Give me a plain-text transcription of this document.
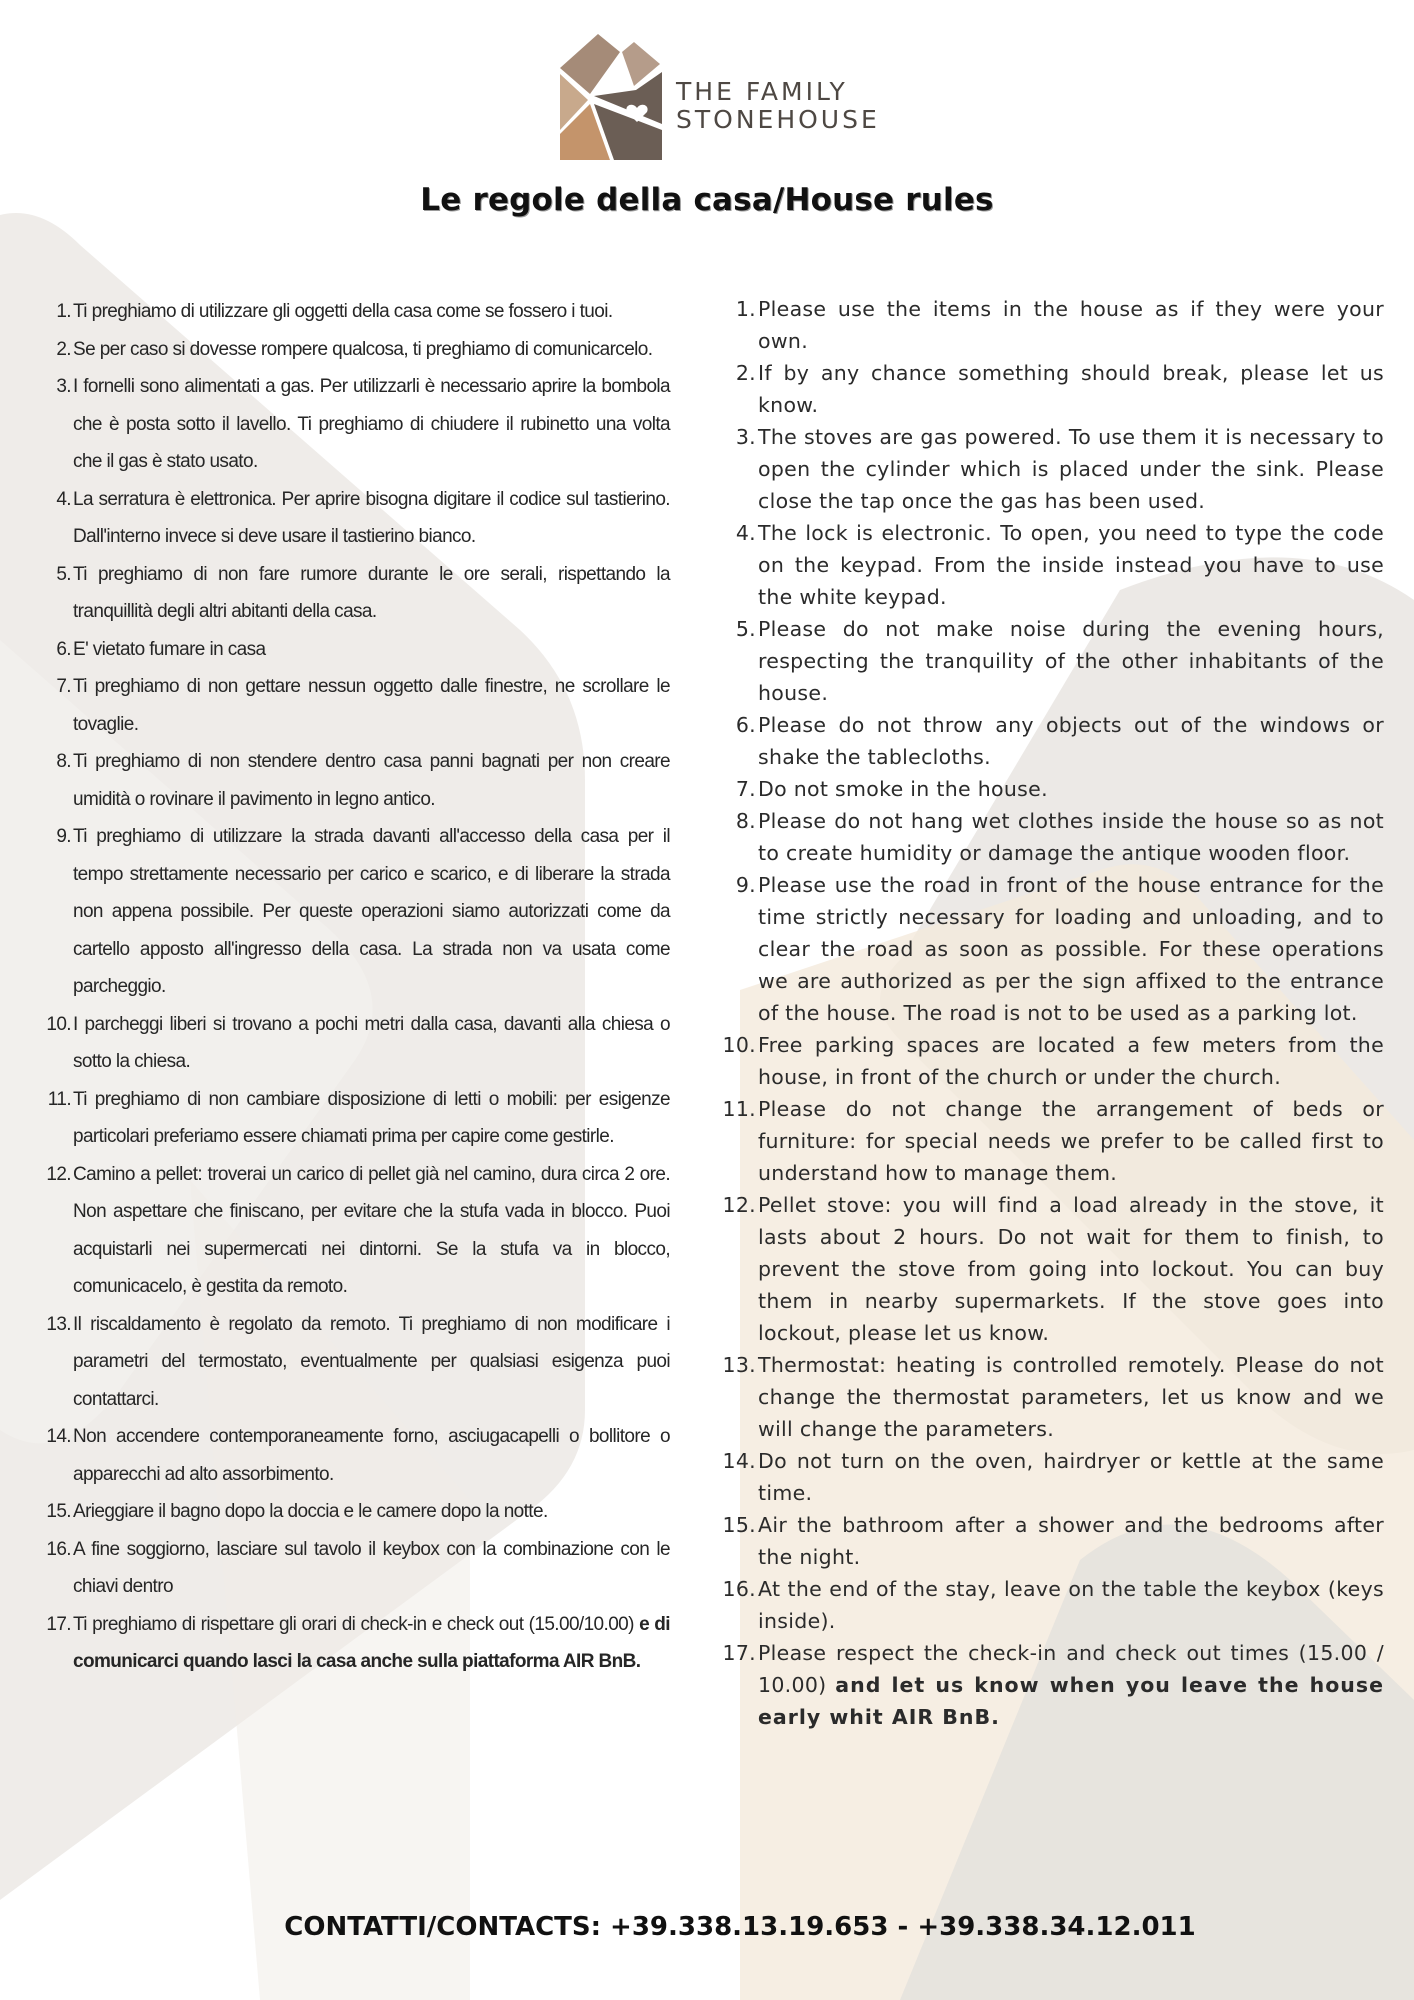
THE FAMILY
STONEHOUSE
Le regole della casa/House rules
1. Ti preghiamo di utilizzare gli oggetti della casa come se fossero i tuoi.
2. Se per caso si dovesse rompere qualcosa, ti preghiamo di comunicarcelo.
3. I fornelli sono alimentati a gas. Per utilizzarli è necessario aprire la bombola che è posta sotto il lavello. Ti preghiamo di chiudere il rubinetto una volta che il gas è stato usato.
4. La serratura è elettronica. Per aprire bisogna digitare il codice sul tastierino. Dall'interno invece si deve usare il tastierino bianco.
5. Ti preghiamo di non fare rumore durante le ore serali, rispettando la tranquillità degli altri abitanti della casa.
6. E' vietato fumare in casa
7. Ti preghiamo di non gettare nessun oggetto dalle finestre, ne scrollare le tovaglie.
8. Ti preghiamo di non stendere dentro casa panni bagnati per non creare umidità o rovinare il pavimento in legno antico.
9. Ti preghiamo di utilizzare la strada davanti all'accesso della casa per il tempo strettamente necessario per carico e scarico, e di liberare la strada non appena possibile. Per queste operazioni siamo autorizzati come da cartello apposto all'ingresso della casa. La strada non va usata come parcheggio.
10. I parcheggi liberi si trovano a pochi metri dalla casa, davanti alla chiesa o sotto la chiesa.
11. Ti preghiamo di non cambiare disposizione di letti o mobili: per esigenze particolari preferiamo essere chiamati prima per capire come gestirle.
12. Camino a pellet: troverai un carico di pellet già nel camino, dura circa 2 ore. Non aspettare che finiscano, per evitare che la stufa vada in blocco. Puoi acquistarli nei supermercati nei dintorni. Se la stufa va in blocco, comunicacelo, è gestita da remoto.
13. Il riscaldamento è regolato da remoto. Ti preghiamo di non modificare i parametri del termostato, eventualmente per qualsiasi esigenza puoi contattarci.
14. Non accendere contemporaneamente forno, asciugacapelli o bollitore o apparecchi ad alto assorbimento.
15. Arieggiare il bagno dopo la doccia e le camere dopo la notte.
16. A fine soggiorno, lasciare sul tavolo il keybox con la combinazione con le chiavi dentro
17. Ti preghiamo di rispettare gli orari di check-in e check out (15.00/10.00) e di comunicarci quando lasci la casa anche sulla piattaforma AIR BnB.
1. Please use the items in the house as if they were your own.
2. If by any chance something should break, please let us know.
3. The stoves are gas powered. To use them it is necessary to open the cylinder which is placed under the sink. Please close the tap once the gas has been used.
4. The lock is electronic. To open, you need to type the code on the keypad. From the inside instead you have to use the white keypad.
5. Please do not make noise during the evening hours, respecting the tranquility of the other inhabitants of the house.
6. Please do not throw any objects out of the windows or shake the tablecloths.
7. Do not smoke in the house.
8. Please do not hang wet clothes inside the house so as not to create humidity or damage the antique wooden floor.
9. Please use the road in front of the house entrance for the time strictly necessary for loading and unloading, and to clear the road as soon as possible. For these operations we are authorized as per the sign affixed to the entrance of the house. The road is not to be used as a parking lot.
10. Free parking spaces are located a few meters from the house, in front of the church or under the church.
11. Please do not change the arrangement of beds or furniture: for special needs we prefer to be called first to understand how to manage them.
12. Pellet stove: you will find a load already in the stove, it lasts about 2 hours. Do not wait for them to finish, to prevent the stove from going into lockout. You can buy them in nearby supermarkets. If the stove goes into lockout, please let us know.
13. Thermostat: heating is controlled remotely. Please do not change the thermostat parameters, let us know and we will change the parameters.
14. Do not turn on the oven, hairdryer or kettle at the same time.
15. Air the bathroom after a shower and the bedrooms after the night.
16. At the end of the stay, leave on the table the keybox (keys inside).
17. Please respect the check-in and check out times (15.00 / 10.00) and let us know when you leave the house early whit AIR BnB.
CONTATTI/CONTACTS: +39.338.13.19.653 - +39.338.34.12.011
